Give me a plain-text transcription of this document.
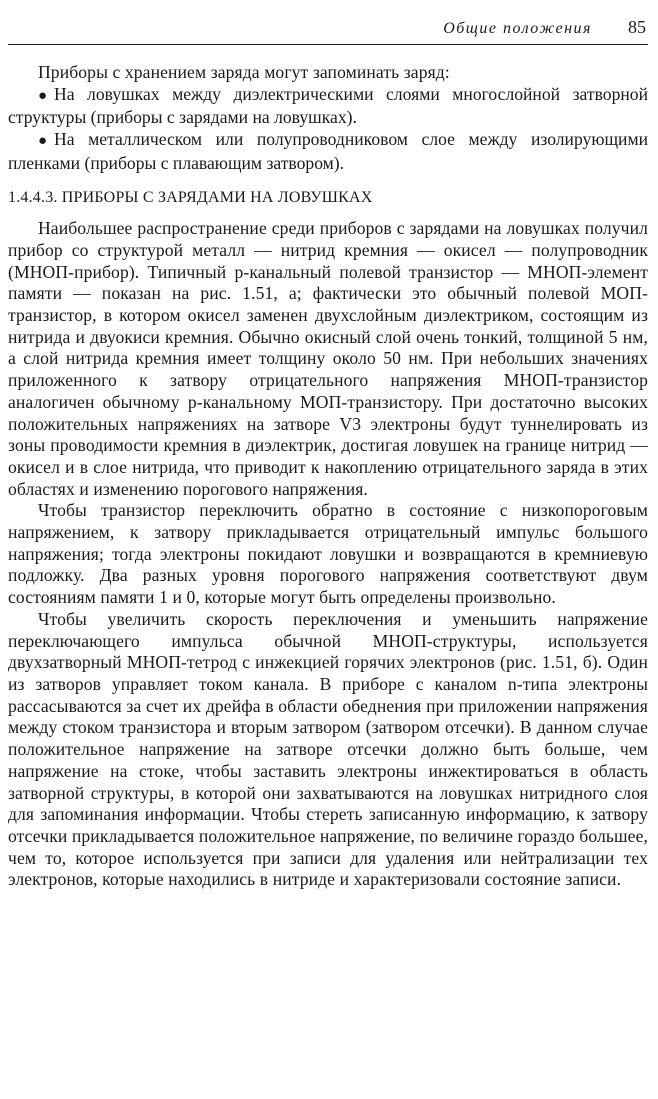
Общие положения 85

Приборы с хранением заряда могут запоминать заряд:

● На ловушках между диэлектрическими слоями многослойной затворной структуры (приборы с зарядами на ловушках).

● На металлическом или полупроводниковом слое между изолирующими пленками (приборы с плавающим затвором).

1.4.4.3. ПРИБОРЫ С ЗАРЯДАМИ НА ЛОВУШКАХ

Наибольшее распространение среди приборов с зарядами на ловушках получил прибор со структурой металл — нитрид кремния — окисел — полупроводник (МНОП-прибор). Типичный p-канальный полевой транзистор — МНОП-элемент памяти — показан на рис. 1.51, а; фактически это обычный полевой МОП-транзистор, в котором окисел заменен двухслойным диэлектриком, состоящим из нитрида и двуокиси кремния. Обычно окисный слой очень тонкий, толщиной 5 нм, а слой нитрида кремния имеет толщину около 50 нм. При небольших значениях приложенного к затвору отрицательного напряжения МНОП-транзистор аналогичен обычному p-канальному МОП-транзистору. При достаточно высоких положительных напряжениях на затворе V3 электроны будут туннелировать из зоны проводимости кремния в диэлектрик, достигая ловушек на границе нитрид — окисел и в слое нитрида, что приводит к накоплению отрицательного заряда в этих областях и изменению порогового напряжения.

Чтобы транзистор переключить обратно в состояние с низкопороговым напряжением, к затвору прикладывается отрицательный импульс большого напряжения; тогда электроны покидают ловушки и возвращаются в кремниевую подложку. Два разных уровня порогового напряжения соответствуют двум состояниям памяти 1 и 0, которые могут быть определены произвольно.

Чтобы увеличить скорость переключения и уменьшить напряжение переключающего импульса обычной МНОП-структуры, используется двухзатворный МНОП-тетрод с инжекцией горячих электронов (рис. 1.51, б). Один из затворов управляет током канала. В приборе с каналом n-типа электроны рассасываются за счет их дрейфа в области обеднения при приложении напряжения между стоком транзистора и вторым затвором (затвором отсечки). В данном случае положительное напряжение на затворе отсечки должно быть больше, чем напряжение на стоке, чтобы заставить электроны инжектироваться в область затворной структуры, в которой они захватываются на ловушках нитридного слоя для запоминания информации. Чтобы стереть записанную информацию, к затвору отсечки прикладывается положительное напряжение, по величине гораздо большее, чем то, которое используется при записи для удаления или нейтрализации тех электронов, которые находились в нитриде и характеризовали состояние записи.
